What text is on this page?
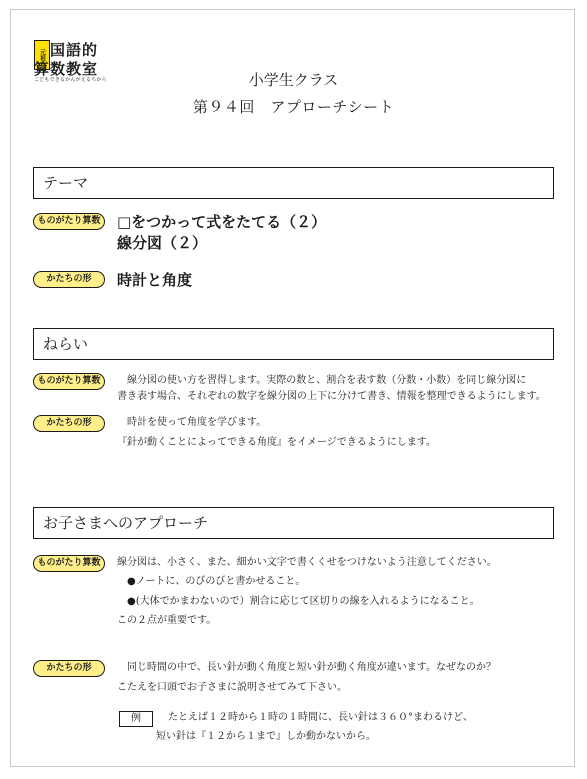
元祖 国語的
算数教室
こどもできるかんがえるちから	小学生クラス
第９４回　アプローチシート
テーマ
ものがたり算数	□をつかって式をたてる（２）
線分図（２）
かたちの形	時計と角度
ねらい
ものがたり算数	　線分図の使い方を習得します。実際の数と、割合を表す数（分数・小数）を同じ線分図に
書き表す場合、それぞれの数字を線分図の上下に分けて書き、情報を整理できるようにします。
かたちの形	　時計を使って角度を学びます。
『針が動くことによってできる角度』をイメージできるようにします。
お子さまへのアプローチ
ものがたり算数	線分図は、小さく、また、細かい文字で書くくせをつけないよう注意してください。
　●ノートに、のびのびと書かせること。
　●(大体でかまわないので）割合に応じて区切りの線を入れるようになること。
この２点が重要です。
かたちの形	　同じ時間の中で、長い針が動く角度と短い針が動く角度が違います。なぜなのか？
こたえを口頭でお子さまに説明させてみて下さい。
例	たとえば１２時から１時の１時間に、長い針は３６０°まわるけど、
短い針は『１２から１まで』しか動かないから。
